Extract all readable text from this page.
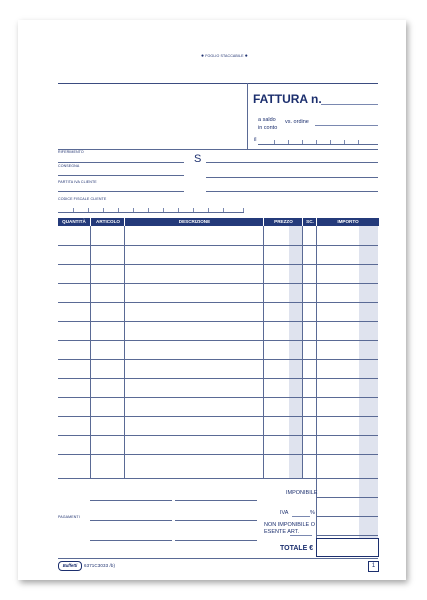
● FOGLIO STACCABILE ●
FATTURA n.
a saldo
in conto
vs. ordine
il
RIFERIMENTO
CONSEGNA
PARTITA IVA CLIENTE
CODICE FISCALE CLIENTE
S
QUANTITÀ	ARTICOLO	DESCRIZIONE	PREZZO	SC.	IMPORTO
PAGAMENTI
IMPONIBILE
IVA	%
NON IMPONIBILE O
ESENTE ART.
TOTALE €
Buffetti	6371C3033 /b)	1
